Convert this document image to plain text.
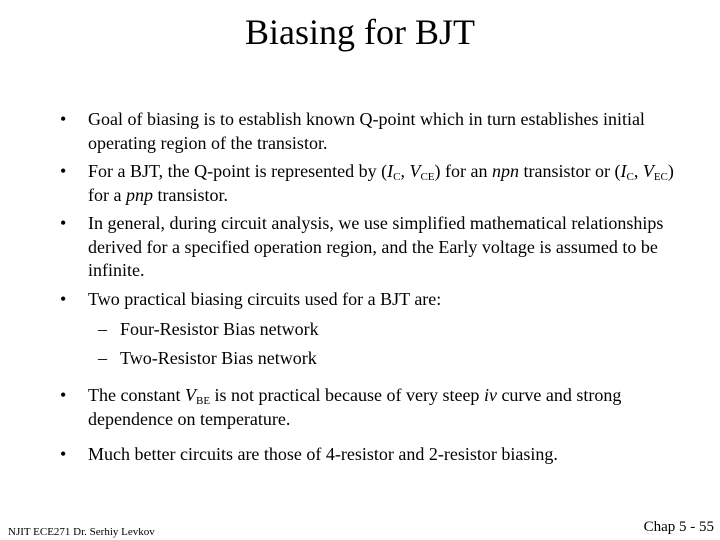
Biasing for BJT
• Goal of biasing is to establish known Q-point which in turn establishes initial operating region of the transistor.
• For a BJT, the Q-point is represented by ($I_C$, $V_{CE}$) for an npn transistor or ($I_C$, $V_{EC}$) for a pnp transistor.
• In general, during circuit analysis, we use simplified mathematical relationships derived for a specified operation region, and the Early voltage is assumed to be infinite.
• Two practical biasing circuits used for a BJT are:
– Four-Resistor Bias network
– Two-Resistor Bias network
• The constant $V_{BE}$ is not practical because of very steep iv curve and strong dependence on temperature.
• Much better circuits are those of 4-resistor and 2-resistor biasing.
NJIT ECE271 Dr. Serhiy Levkov	Chap 5 - 55
